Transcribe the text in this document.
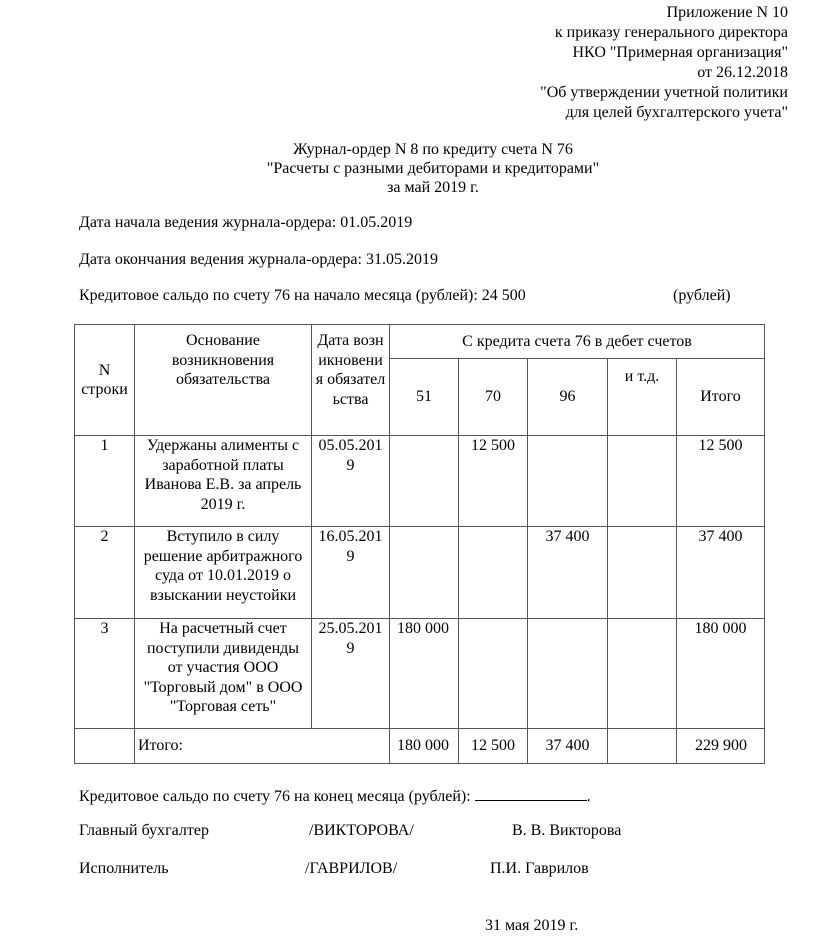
Приложение N 10
к приказу генерального директора
НКО "Примерная организация"
от 26.12.2018
"Об утверждении учетной политики
для целей бухгалтерского учета"
Журнал-ордер N 8 по кредиту счета N 76
"Расчеты с разными дебиторами и кредиторами"
за май 2019 г.
Дата начала ведения журнала-ордера: 01.05.2019
Дата окончания ведения журнала-ордера: 31.05.2019
Кредитовое сальдо по счету 76 на начало месяца (рублей): 24 500	(рублей)
N строки	Основание возникновения обязательства	Дата возникновения обязательства	С кредита счета 76 в дебет счетов				
			51	70	96	и т.д.	Итого
1	Удержаны алименты с заработной платы Иванова Е.В. за апрель 2019 г.	05.05.2019		12 500			12 500
2	Вступило в силу решение арбитражного суда от 10.01.2019 о взыскании неустойки	16.05.2019			37 400		37 400
3	На расчетный счет поступили дивиденды от участия ООО "Торговый дом" в ООО "Торговая сеть"	25.05.2019	180 000				180 000
	Итого:		180 000	12 500	37 400		229 900
Кредитовое сальдо по счету 76 на конец месяца (рублей):	.
Главный бухгалтер	/ВИКТОРОВА/	В. В. Викторова
Исполнитель	/ГАВРИЛОВ/	П.И. Гаврилов
31 мая 2019 г.
